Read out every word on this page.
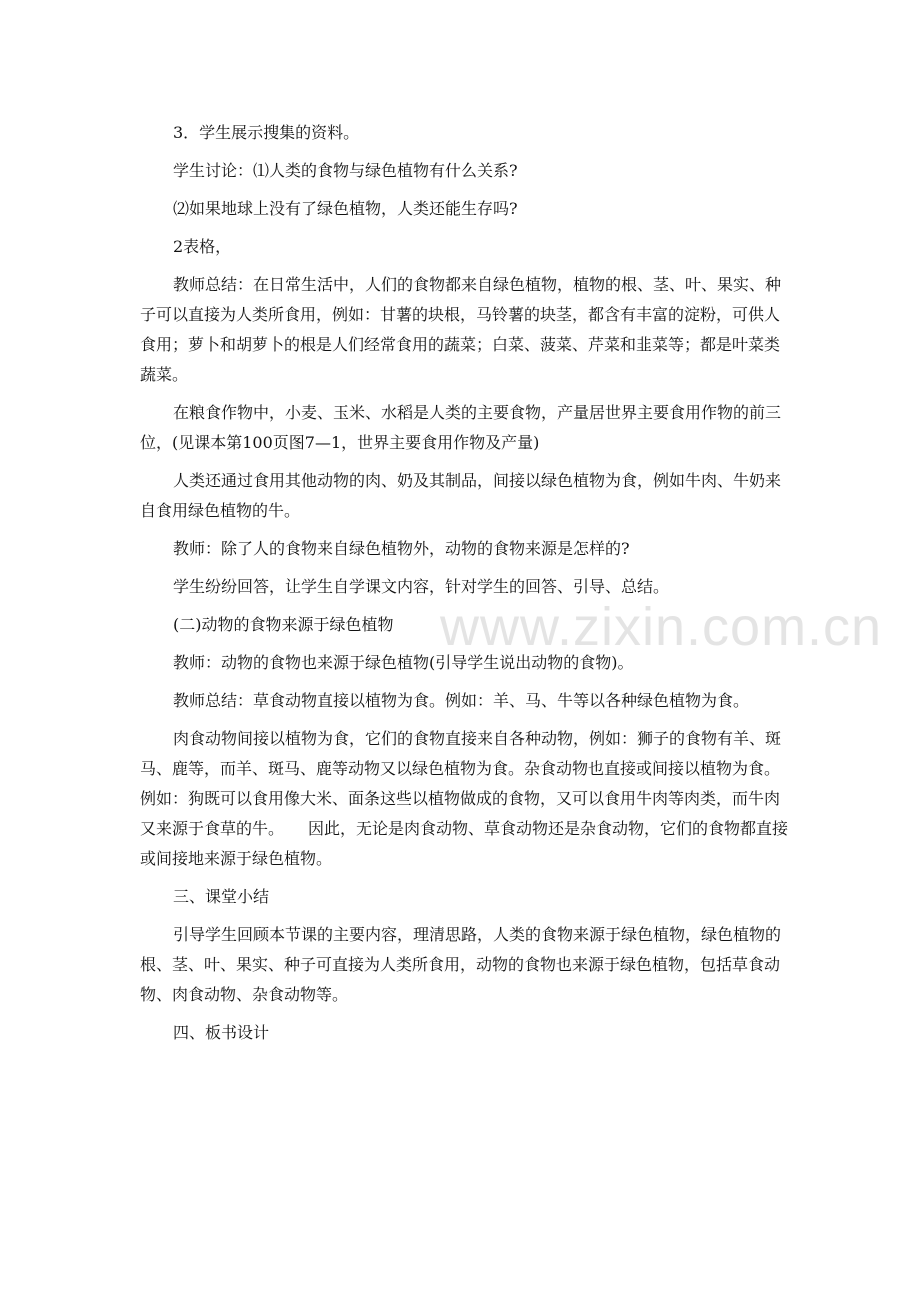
www.zixin.com.cn

3．学生展示搜集的资料。

学生讨论：⑴人类的食物与绿色植物有什么关系?

⑵如果地球上没有了绿色植物，人类还能生存吗?

2表格，

教师总结：在日常生活中，人们的食物都来自绿色植物，植物的根、茎、叶、果实、种子可以直接为人类所食用，例如：甘薯的块根，马铃薯的块茎，都含有丰富的淀粉，可供人食用；萝卜和胡萝卜的根是人们经常食用的蔬菜；白菜、菠菜、芹菜和韭菜等；都是叶菜类蔬菜。

在粮食作物中，小麦、玉米、水稻是人类的主要食物，产量居世界主要食用作物的前三位，(见课本第100页图7—1，世界主要食用作物及产量)

人类还通过食用其他动物的肉、奶及其制品，间接以绿色植物为食，例如牛肉、牛奶来自食用绿色植物的牛。

教师：除了人的食物来自绿色植物外，动物的食物来源是怎样的?

学生纷纷回答，让学生自学课文内容，针对学生的回答、引导、总结。

(二)动物的食物来源于绿色植物

教师：动物的食物也来源于绿色植物(引导学生说出动物的食物)。

教师总结：草食动物直接以植物为食。例如：羊、马、牛等以各种绿色植物为食。

肉食动物间接以植物为食，它们的食物直接来自各种动物，例如：狮子的食物有羊、斑马、鹿等，而羊、斑马、鹿等动物又以绿色植物为食。杂食动物也直接或间接以植物为食。例如：狗既可以食用像大米、面条这些以植物做成的食物，又可以食用牛肉等肉类，而牛肉又来源于食草的牛。　　因此，无论是肉食动物、草食动物还是杂食动物，它们的食物都直接或间接地来源于绿色植物。

三、课堂小结

引导学生回顾本节课的主要内容，理清思路，人类的食物来源于绿色植物，绿色植物的根、茎、叶、果实、种子可直接为人类所食用，动物的食物也来源于绿色植物，包括草食动物、肉食动物、杂食动物等。

四、板书设计
